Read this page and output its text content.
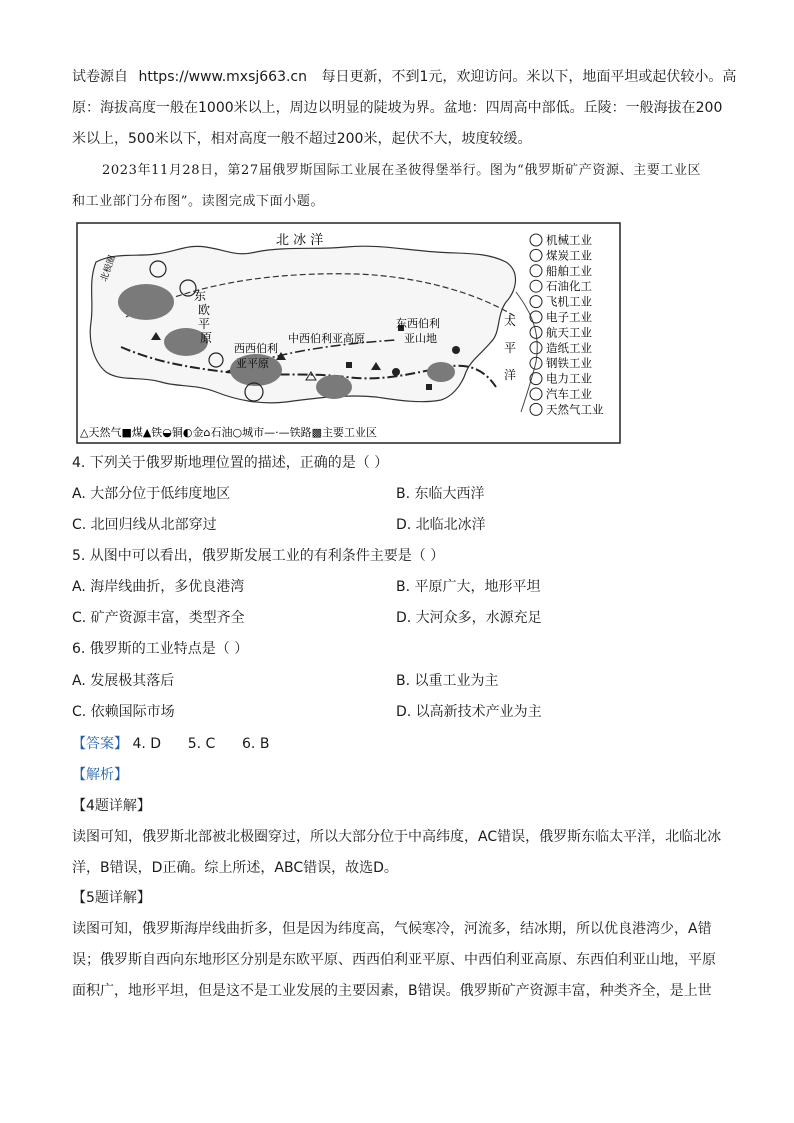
试卷源自 https://www.mxsj663.cn 每日更新，不到1元，欢迎访问。米以下，地面平坦或起伏较小。高
原：海拔高度一般在1000米以上，周边以明显的陡坡为界。盆地：四周高中部低。丘陵：一般海拔在200
米以上，500米以下，相对高度一般不超过200米，起伏不大，坡度较缓。
2023年11月28日，第27届俄罗斯国际工业展在圣彼得堡举行。图为“俄罗斯矿产资源、主要工业区
和工业部门分布图”。读图完成下面小题。
北 冰 洋
太
平
洋
东
欧
平
原
西西伯利
亚平原
中西伯利亚高原
东西伯利
亚山地
北极圈
△天然气■煤▲铁◒铜◐金⌂石油○城市—·—铁路▩主要工业区
机械工业
煤炭工业
船舶工业
石油化工
飞机工业
电子工业
航天工业
造纸工业
钢铁工业
电力工业
汽车工业
天然气工业
4. 下列关于俄罗斯地理位置的描述，正确的是（ ）
A. 大部分位于低纬度地区	B. 东临大西洋
C. 北回归线从北部穿过	D. 北临北冰洋
5. 从图中可以看出，俄罗斯发展工业的有利条件主要是（ ）
A. 海岸线曲折，多优良港湾	B. 平原广大，地形平坦
C. 矿产资源丰富，类型齐全	D. 大河众多，水源充足
6. 俄罗斯的工业特点是（ ）
A. 发展极其落后	B. 以重工业为主
C. 依赖国际市场	D. 以高新技术产业为主
【答案】 4. D      5. C      6. B
【解析】
【4题详解】
读图可知，俄罗斯北部被北极圈穿过，所以大部分位于中高纬度，AC错误，俄罗斯东临太平洋，北临北冰洋，B错误，D正确。综上所述，ABC错误，故选D。
【5题详解】
读图可知，俄罗斯海岸线曲折多，但是因为纬度高，气候寒冷，河流多，结冰期，所以优良港湾少，A错误；俄罗斯自西向东地形区分别是东欧平原、西西伯利亚平原、中西伯利亚高原、东西伯利亚山地，平原面积广，地形平坦，但是这不是工业发展的主要因素，B错误。俄罗斯矿产资源丰富，种类齐全，是上世
